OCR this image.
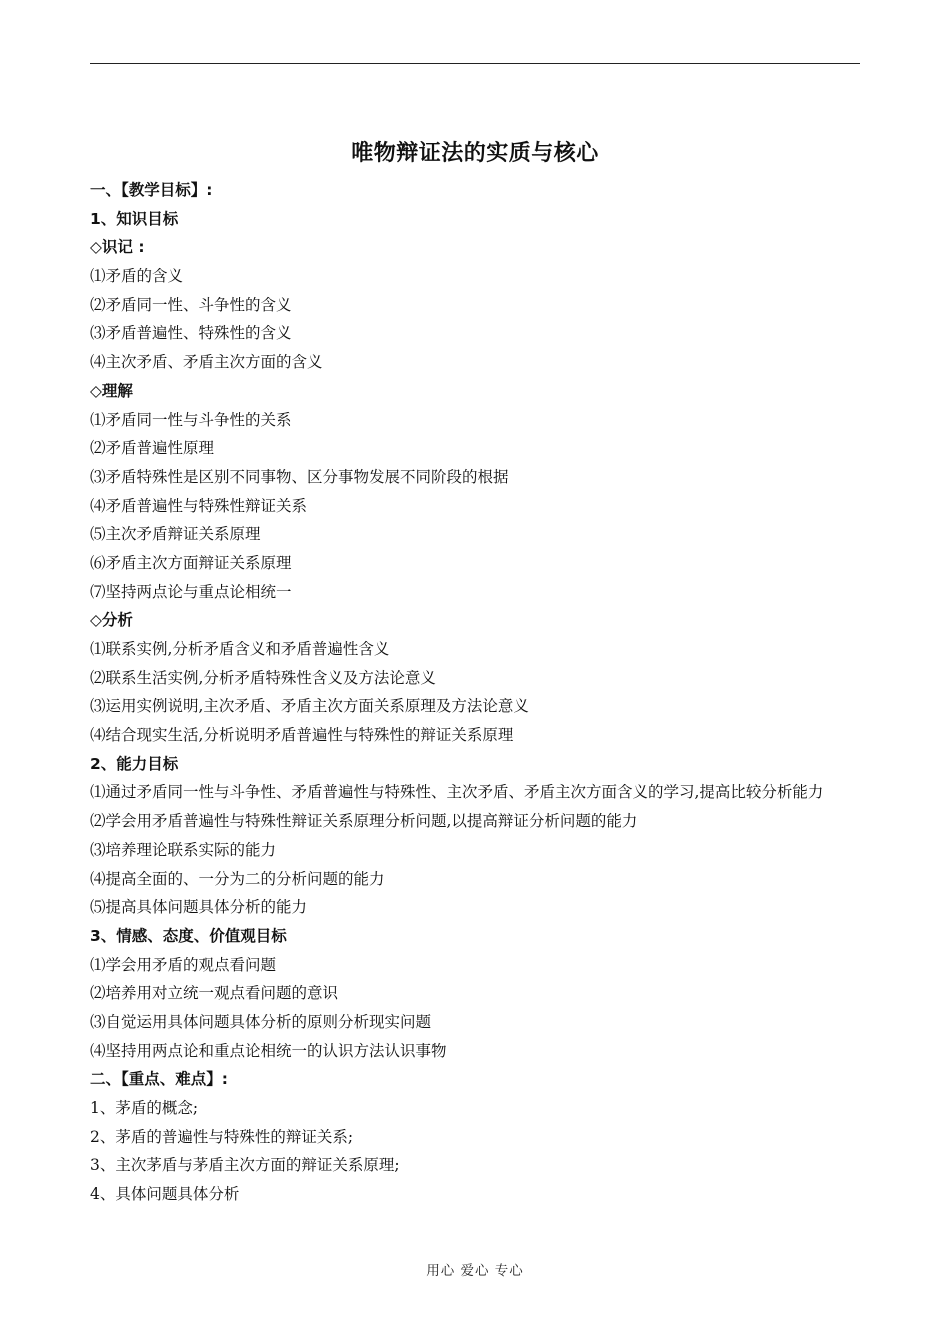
唯物辩证法的实质与核心
一、【教学目标】:
1、知识目标
◇识记 :
⑴矛盾的含义
⑵矛盾同一性、斗争性的含义
⑶矛盾普遍性、特殊性的含义
⑷主次矛盾、矛盾主次方面的含义
◇理解
⑴矛盾同一性与斗争性的关系
⑵矛盾普遍性原理
⑶矛盾特殊性是区别不同事物、区分事物发展不同阶段的根据
⑷矛盾普遍性与特殊性辩证关系
⑸主次矛盾辩证关系原理
⑹矛盾主次方面辩证关系原理
⑺坚持两点论与重点论相统一
◇分析
⑴联系实例,分析矛盾含义和矛盾普遍性含义
⑵联系生活实例,分析矛盾特殊性含义及方法论意义
⑶运用实例说明,主次矛盾、矛盾主次方面关系原理及方法论意义
⑷结合现实生活,分析说明矛盾普遍性与特殊性的辩证关系原理
2、能力目标
⑴通过矛盾同一性与斗争性、矛盾普遍性与特殊性、主次矛盾、矛盾主次方面含义的学习,提高比较分析能力
⑵学会用矛盾普遍性与特殊性辩证关系原理分析问题,以提高辩证分析问题的能力
⑶培养理论联系实际的能力
⑷提高全面的、一分为二的分析问题的能力
⑸提高具体问题具体分析的能力
3、情感、态度、价值观目标
⑴学会用矛盾的观点看问题
⑵培养用对立统一观点看问题的意识
⑶自觉运用具体问题具体分析的原则分析现实问题
⑷坚持用两点论和重点论相统一的认识方法认识事物
二、【重点、难点】:
1、茅盾的概念;
2、茅盾的普遍性与特殊性的辩证关系;
3、主次茅盾与茅盾主次方面的辩证关系原理;
4、具体问题具体分析
用心 爱心 专心
